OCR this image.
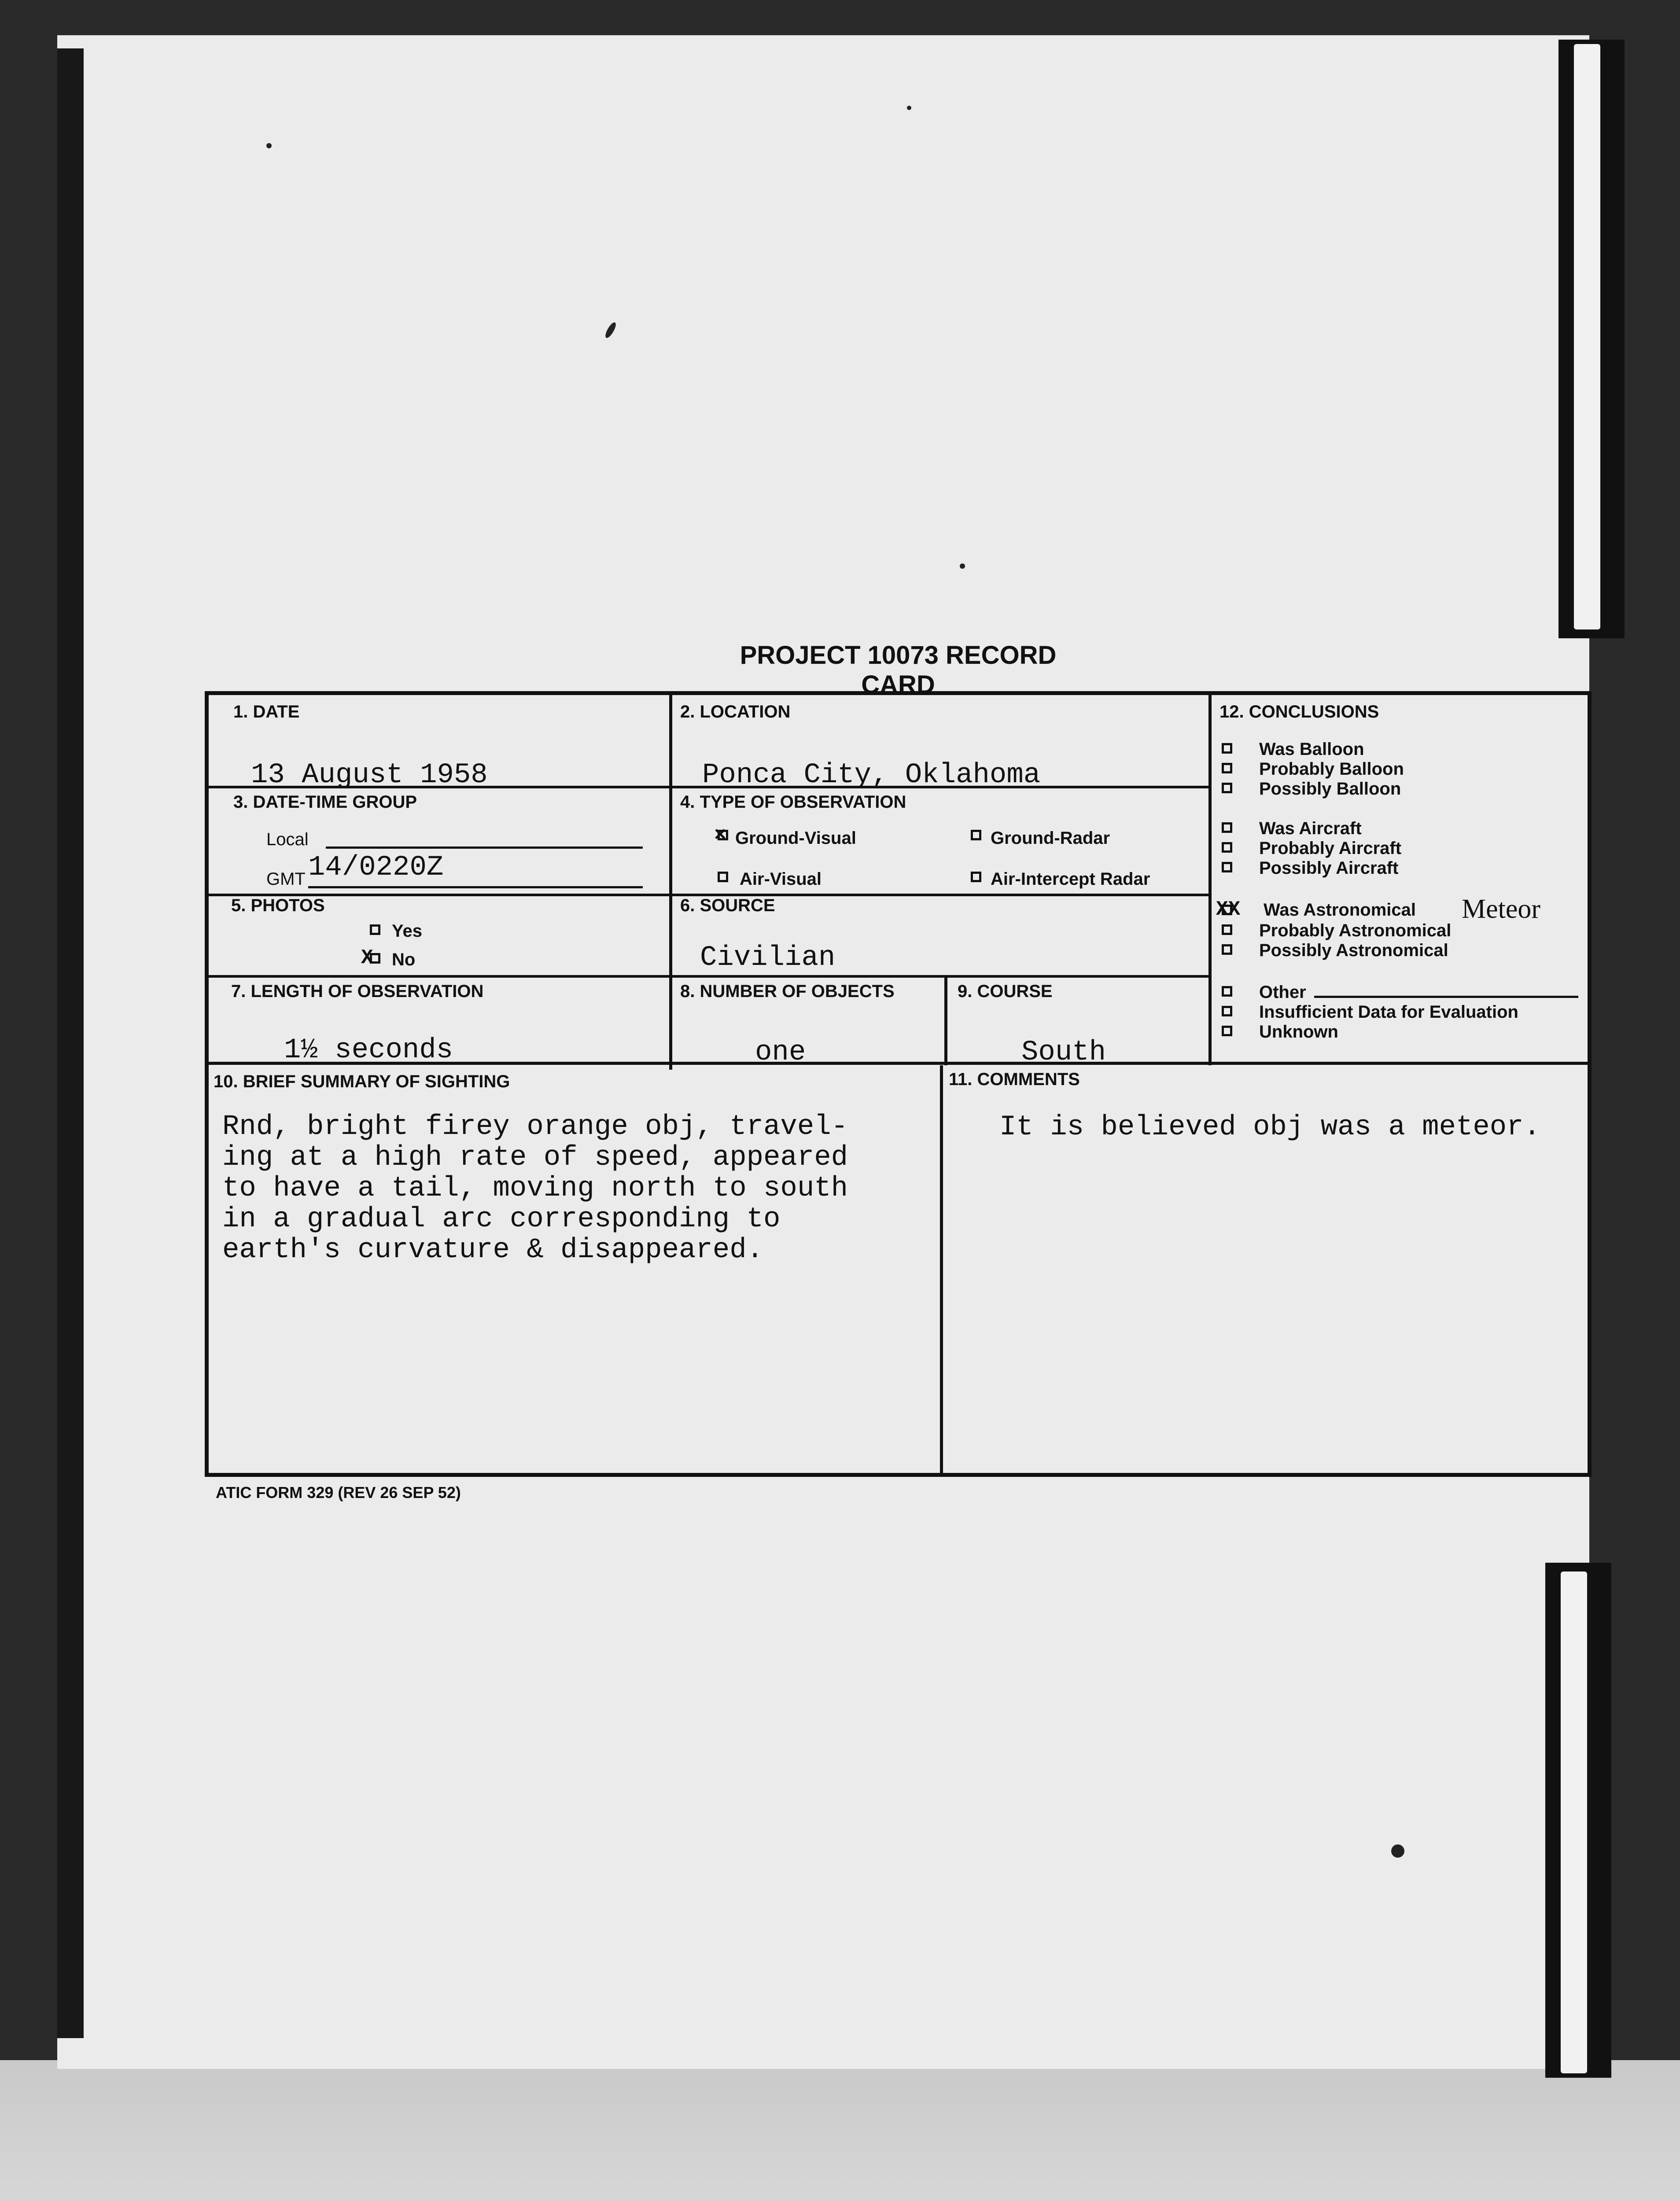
PROJECT 10073 RECORD CARD
1. DATE
13 August 1958
2. LOCATION
Ponca City, Oklahoma
3. DATE-TIME GROUP
Local
GMT 14/0220Z
4. TYPE OF OBSERVATION
× Ground-Visual	Ground-Radar
Air-Visual	Air-Intercept Radar
5. PHOTOS
Yes
X No
6. SOURCE
Civilian
7. LENGTH OF OBSERVATION
1½ seconds
8. NUMBER OF OBJECTS
one
9. COURSE
South
10. BRIEF SUMMARY OF SIGHTING
Rnd, bright firey orange obj, travel-
ing at a high rate of speed, appeared
to have a tail, moving north to south
in a gradual arc corresponding to
earth's curvature & disappeared.
11. COMMENTS
It is believed obj was a meteor.
12. CONCLUSIONS
Was Balloon
Probably Balloon
Possibly Balloon
Was Aircraft
Probably Aircraft
Possibly Aircraft
XX Was Astronomical Meteor
Probably Astronomical
Possibly Astronomical
Other
Insufficient Data for Evaluation
Unknown
ATIC FORM 329 (REV 26 SEP 52)
